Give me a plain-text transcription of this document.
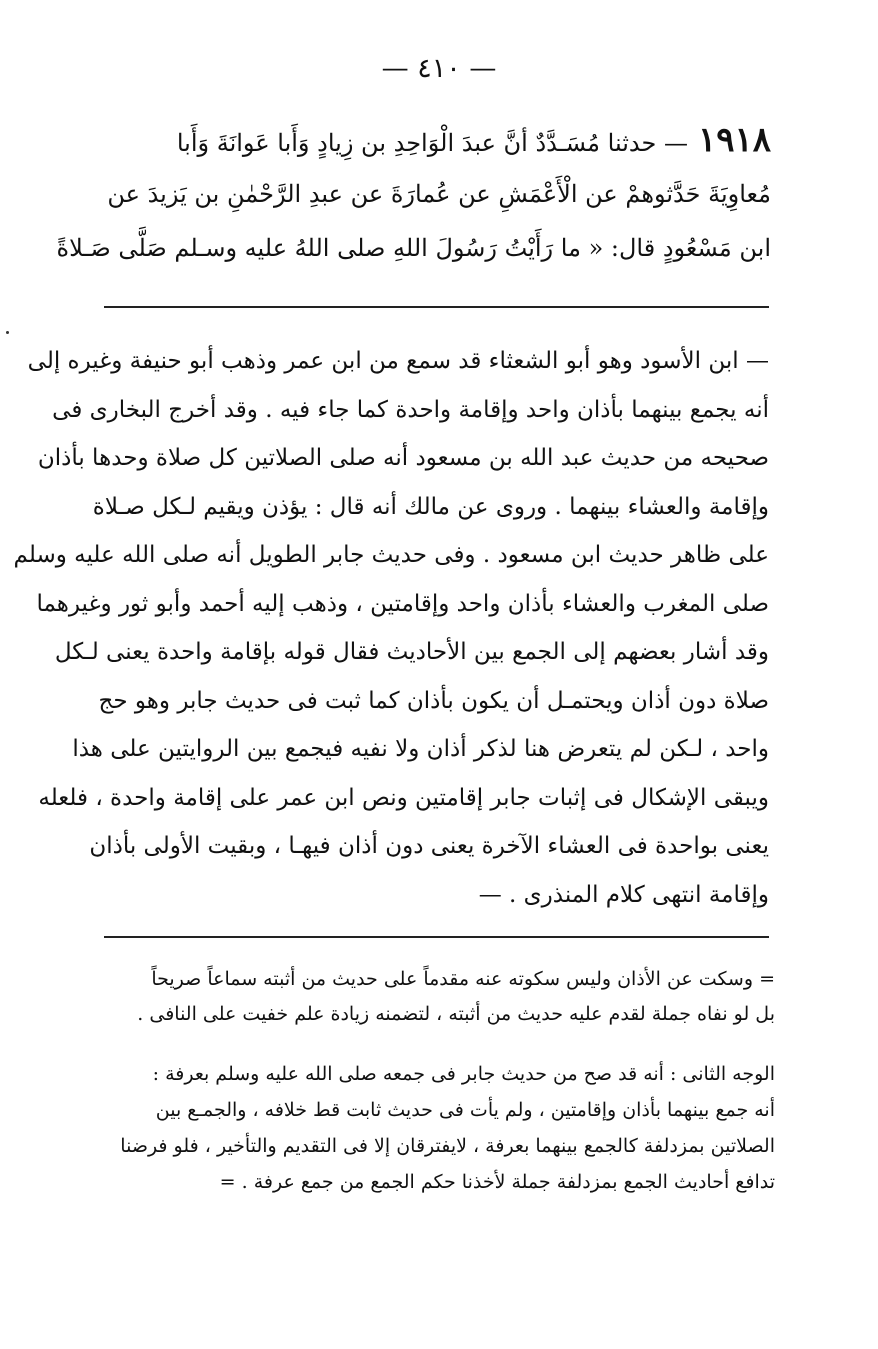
— ٤١٠ —
١٩١٨— حدثنا مُسَـدَّدٌ أنَّ عبدَ الْوَاحِدِ بن زِيادٍ وَأَبا عَوانَةَ وَأَبا
مُعاوِيَةَ حَدَّثوهمْ عن الْأَعْمَشِ عن عُمارَةَ عن عبدِ الرَّحْمٰنِ بن يَزيدَ عن
ابن مَسْعُودٍ قال: « ما رَأَيْتُ رَسُولَ اللهِ صلى اللهُ عليه وسـلم صَلَّى صَـلاةً
— ابن الأسود وهو أبو الشعثاء قد سمع من ابن عمر وذهب أبو حنيفة وغيره إلى
أنه يجمع بينهما بأذان واحد وإقامة واحدة كما جاء فيه . وقد أخرج البخارى فى
صحيحه من حديث عبد الله بن مسعود أنه صلى الصلاتين كل صلاة وحدها بأذان
وإقامة والعشاء بينهما . وروى عن مالك أنه قال : يؤذن ويقيم لـكل صـلاة
على ظاهر حديث ابن مسعود . وفى حديث جابر الطويل أنه صلى الله عليه وسلم
صلى المغرب والعشاء بأذان واحد وإقامتين ، وذهب إليه أحمد وأبو ثور وغيرهما
وقد أشار بعضهم إلى الجمع بين الأحاديث فقال قوله بإقامة واحدة يعنى لـكل
صلاة دون أذان ويحتمـل أن يكون بأذان كما ثبت فى حديث جابر وهو حج
واحد ، لـكن لم يتعرض هنا لذكر أذان ولا نفيه فيجمع بين الروايتين على هذا
ويبقى الإشكال فى إثبات جابر إقامتين ونص ابن عمر على إقامة واحدة ، فلعله
يعنى بواحدة فى العشاء الآخرة يعنى دون أذان فيهـا ، وبقيت الأولى بأذان
وإقامة انتهى كلام المنذرى . —
= وسكت عن الأذان وليس سكوته عنه مقدماً على حديث من أثبته سماعاً صريحاً
بل لو نفاه جملة لقدم عليه حديث من أثبته ، لتضمنه زيادة علم خفيت على النافى .
الوجه الثانى : أنه قد صح من حديث جابر فى جمعه صلى الله عليه وسلم بعرفة :
أنه جمع بينهما بأذان وإقامتين ، ولم يأت فى حديث ثابت قط خلافه ، والجمـع بين
الصلاتين بمزدلفة كالجمع بينهما بعرفة ، لايفترقان إلا فى التقديم والتأخير ، فلو فرضنا
تدافع أحاديث الجمع بمزدلفة جملة لأخذنا حكم الجمع من جمع عرفة . =
